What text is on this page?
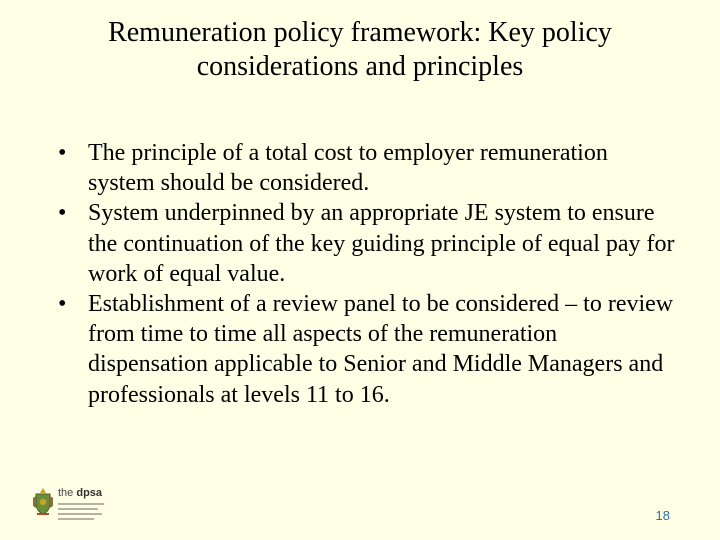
Remuneration policy framework: Key policy considerations and principles
• The principle of a total cost to employer remuneration system should be considered.
• System underpinned by an appropriate JE system to ensure the continuation of the key guiding principle of equal pay for work of equal value.
• Establishment of a review panel to be considered – to review from time to time all aspects of the remuneration dispensation applicable to Senior and Middle Managers and professionals at levels 11 to 16.
the dpsa
18
